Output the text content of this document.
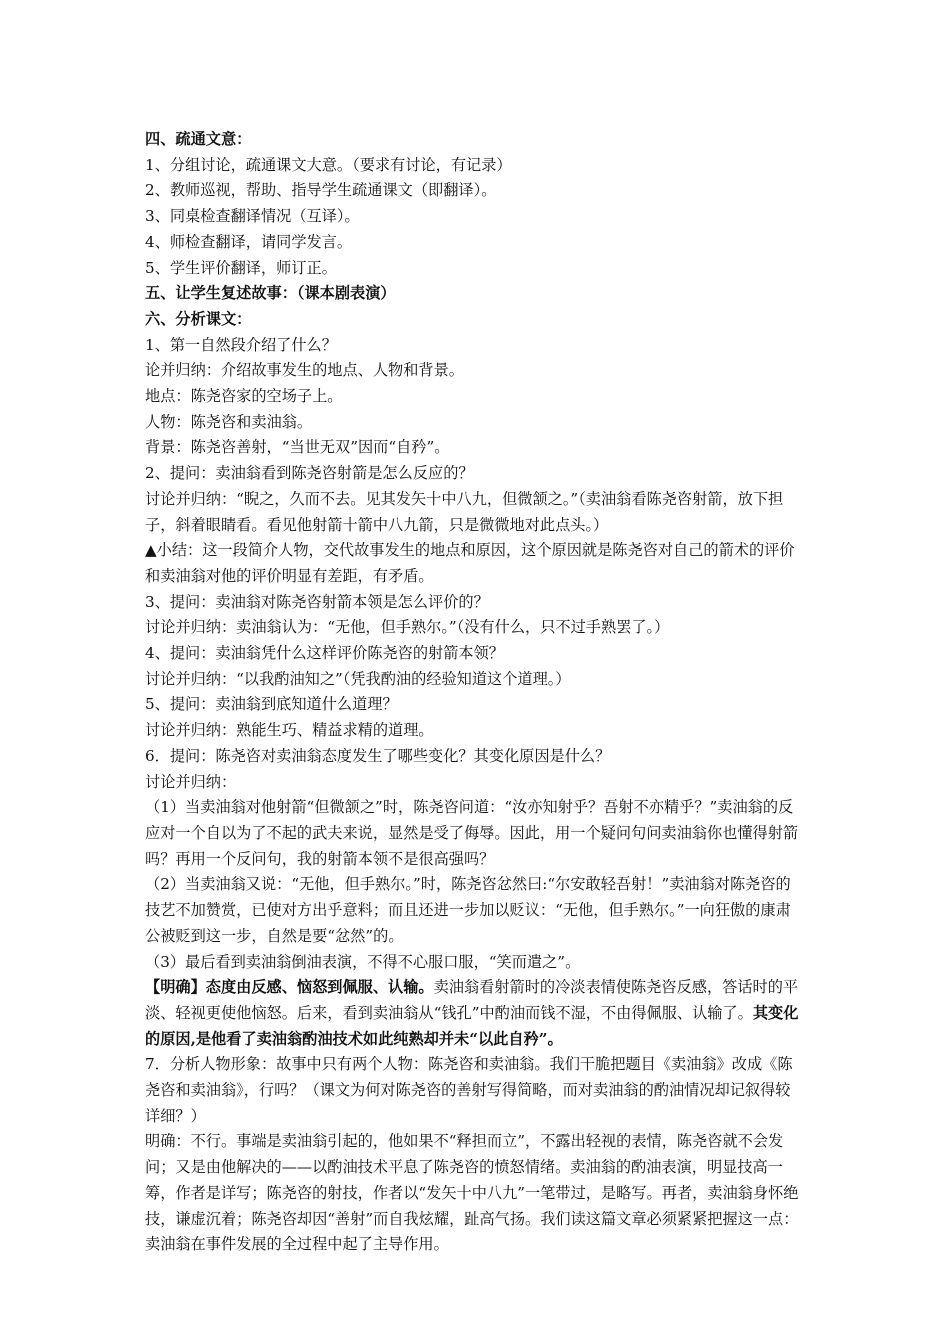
四、疏通文意：

1、分组讨论，疏通课文大意。（要求有讨论，有记录）

2、教师巡视，帮助、指导学生疏通课文（即翻译）。

3、同桌检查翻译情况（互译）。

4、师检查翻译，请同学发言。

5、学生评价翻译，师订正。

五、让学生复述故事：（课本剧表演）

六、分析课文：

1、第一自然段介绍了什么？

论并归纳：介绍故事发生的地点、人物和背景。

地点：陈尧咨家的空场子上。

人物：陈尧咨和卖油翁。

背景：陈尧咨善射，“当世无双”因而“自矜”。

2、提问：卖油翁看到陈尧咨射箭是怎么反应的？

讨论并归纳：“睨之，久而不去。见其发矢十中八九，但微颔之。”（卖油翁看陈尧咨射箭，放下担子，斜着眼睛看。看见他射箭十箭中八九箭，只是微微地对此点头。）

▲小结：这一段简介人物，交代故事发生的地点和原因，这个原因就是陈尧咨对自己的箭术的评价和卖油翁对他的评价明显有差距，有矛盾。

3、提问：卖油翁对陈尧咨射箭本领是怎么评价的？

讨论并归纳：卖油翁认为：“无他，但手熟尔。”（没有什么，只不过手熟罢了。）

4、提问：卖油翁凭什么这样评价陈尧咨的射箭本领？

讨论并归纳：“以我酌油知之”（凭我酌油的经验知道这个道理。）

5、提问：卖油翁到底知道什么道理？

讨论并归纳：熟能生巧、精益求精的道理。

6．提问：陈尧咨对卖油翁态度发生了哪些变化？其变化原因是什么？

讨论并归纳：

（1）当卖油翁对他射箭“但微颔之”时，陈尧咨问道：“汝亦知射乎？吾射不亦精乎？”卖油翁的反应对一个自以为了不起的武夫来说，显然是受了侮辱。因此，用一个疑问句问卖油翁你也懂得射箭吗？再用一个反问句，我的射箭本领不是很高强吗？

（2）当卖油翁又说：“无他，但手熟尔。”时，陈尧咨忿然曰:“尔安敢轻吾射！”卖油翁对陈尧咨的技艺不加赞赏，已使对方出乎意料；而且还进一步加以贬议：“无他，但手熟尔。”一向狂傲的康肃公被贬到这一步，自然是要“忿然”的。

（3）最后看到卖油翁倒油表演，不得不心服口服，“笑而遣之”。

【明确】态度由反感、恼怒到佩服、认输。卖油翁看射箭时的冷淡表情使陈尧咨反感，答话时的平淡、轻视更使他恼怒。后来，看到卖油翁从“钱孔”中酌油而钱不湿，不由得佩服、认输了。其变化的原因,是他看了卖油翁酌油技术如此纯熟却并未“以此自矜”。

7．分析人物形象：故事中只有两个人物：陈尧咨和卖油翁。我们干脆把题目《卖油翁》改成《陈尧咨和卖油翁》，行吗？（课文为何对陈尧咨的善射写得简略，而对卖油翁的酌油情况却记叙得较详细？）

明确：不行。事端是卖油翁引起的，他如果不“释担而立”，不露出轻视的表情，陈尧咨就不会发问；又是由他解决的——以酌油技术平息了陈尧咨的愤怒情绪。卖油翁的酌油表演，明显技高一筹，作者是详写；陈尧咨的射技，作者以“发矢十中八九”一笔带过，是略写。再者，卖油翁身怀绝技，谦虚沉着；陈尧咨却因“善射”而自我炫耀，趾高气扬。我们读这篇文章必须紧紧把握这一点：卖油翁在事件发展的全过程中起了主导作用。
